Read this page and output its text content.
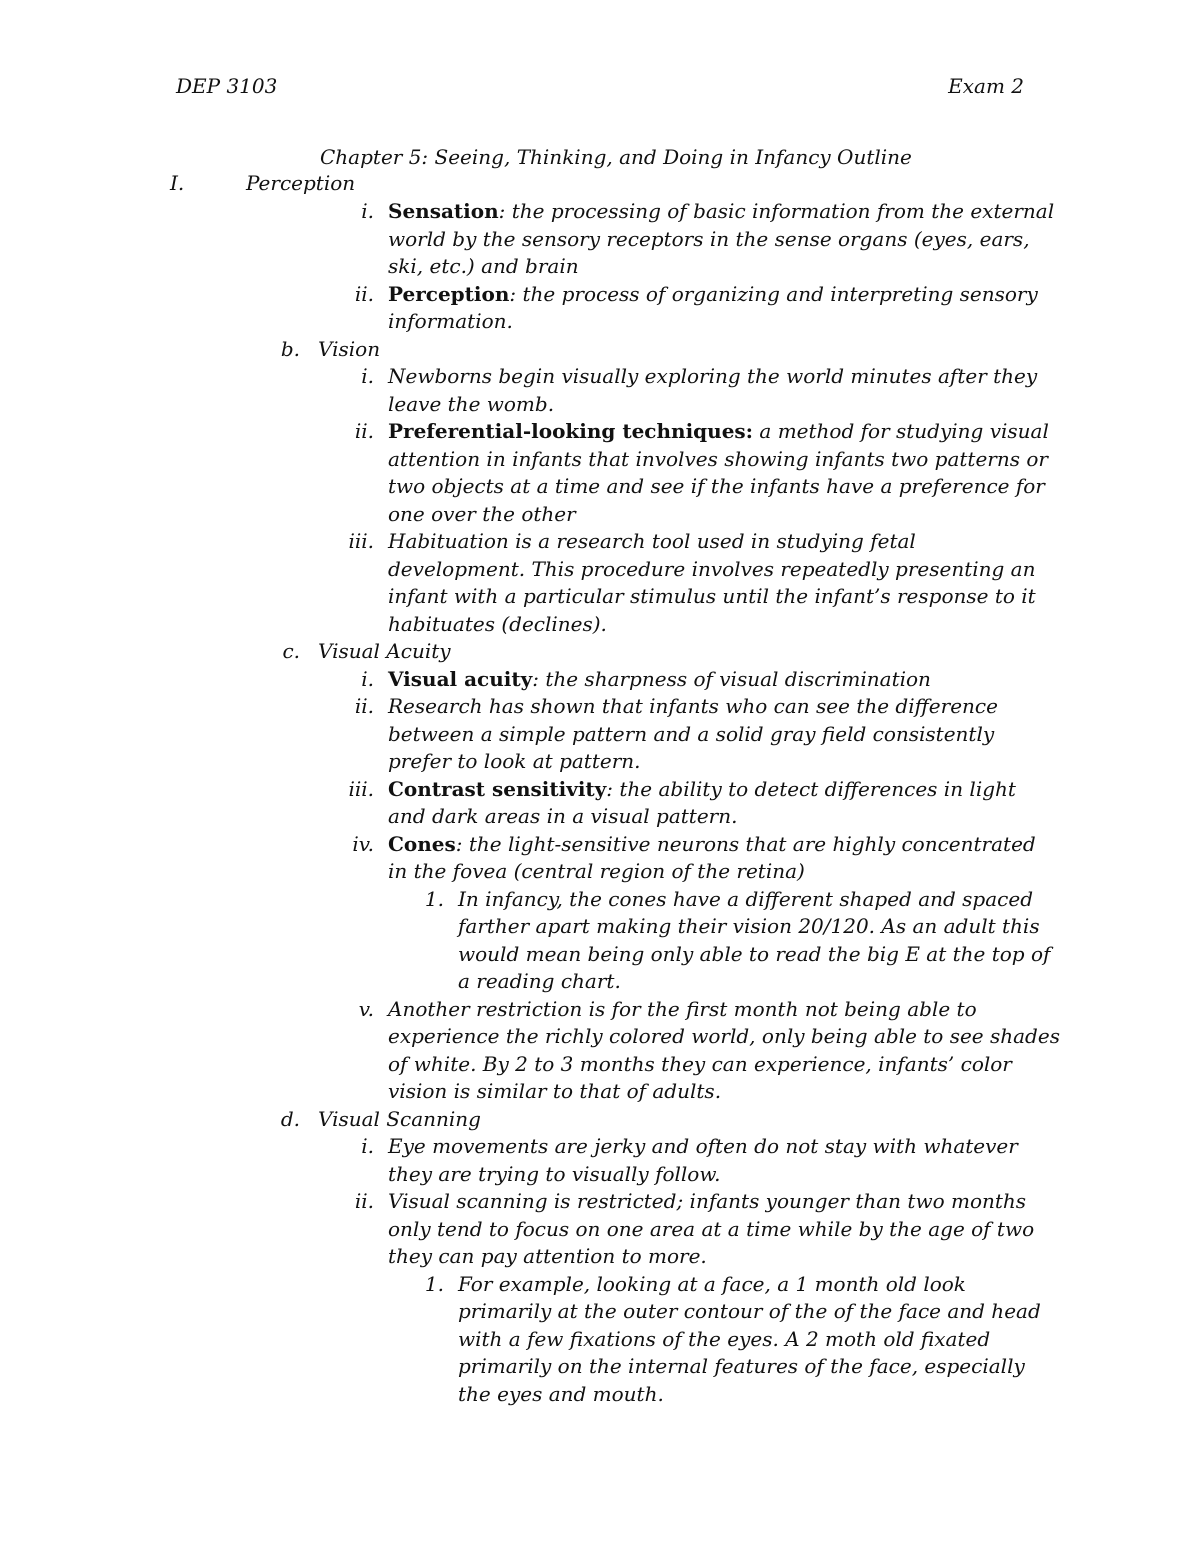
DEP 3103	Exam 2
Chapter 5: Seeing, Thinking, and Doing in Infancy Outline
I.	Perception
i. Sensation: the processing of basic information from the external
world by the sensory receptors in the sense organs (eyes, ears,
ski, etc.) and brain
ii. Perception: the process of organizing and interpreting sensory
information.
b. Vision
i. Newborns begin visually exploring the world minutes after they
leave the womb.
ii. Preferential-looking techniques: a method for studying visual
attention in infants that involves showing infants two patterns or
two objects at a time and see if the infants have a preference for
one over the other
iii. Habituation is a research tool used in studying fetal
development. This procedure involves repeatedly presenting an
infant with a particular stimulus until the infant’s response to it
habituates (declines).
c. Visual Acuity
i. Visual acuity: the sharpness of visual discrimination
ii. Research has shown that infants who can see the difference
between a simple pattern and a solid gray field consistently
prefer to look at pattern.
iii. Contrast sensitivity: the ability to detect differences in light
and dark areas in a visual pattern.
iv. Cones: the light-sensitive neurons that are highly concentrated
in the fovea (central region of the retina)
1. In infancy, the cones have a different shaped and spaced
farther apart making their vision 20/120. As an adult this
would mean being only able to read the big E at the top of
a reading chart.
v. Another restriction is for the first month not being able to
experience the richly colored world, only being able to see shades
of white. By 2 to 3 months they can experience, infants’ color
vision is similar to that of adults.
d. Visual Scanning
i. Eye movements are jerky and often do not stay with whatever
they are trying to visually follow.
ii. Visual scanning is restricted; infants younger than two months
only tend to focus on one area at a time while by the age of two
they can pay attention to more.
1. For example, looking at a face, a 1 month old look
primarily at the outer contour of the of the face and head
with a few fixations of the eyes. A 2 moth old fixated
primarily on the internal features of the face, especially
the eyes and mouth.
